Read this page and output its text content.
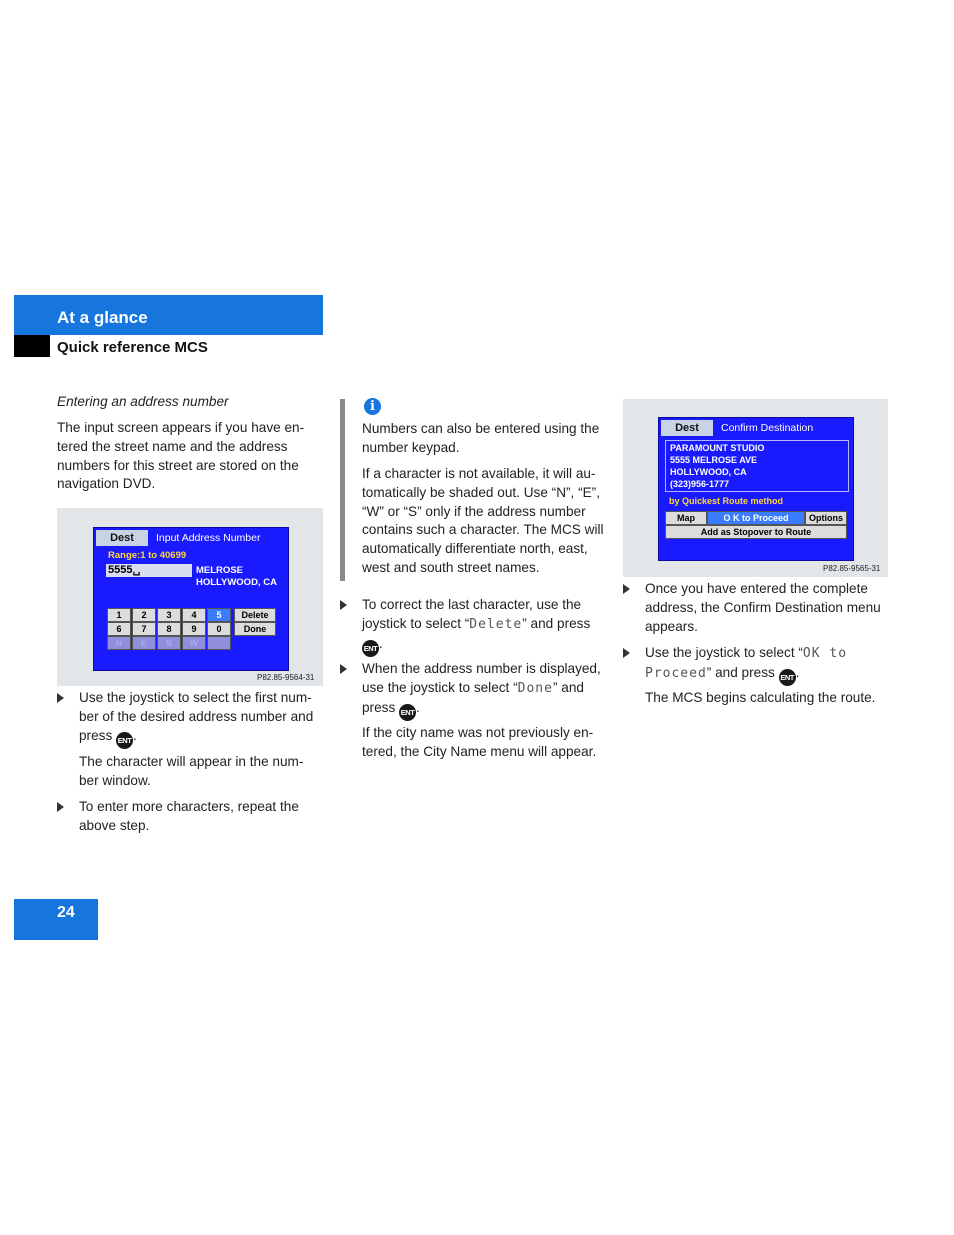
At a glance
Quick reference MCS
Entering an address number
The input screen appears if you have en-
tered the street name and the address
numbers for this street are stored on the
navigation DVD.
Dest	Input Address Number
Range:1 to 40699
5555␣	MELROSE
HOLLYWOOD, CA
1	2	3	4	5	Delete
6	7	8	9	0	Done
N	E	S	W
P82.85-9564-31
Use the joystick to select the first num-
ber of the desired address number and
press ENT .
The character will appear in the num-
ber window.
To enter more characters, repeat the
above step.
i
Numbers can also be entered using the
number keypad.
If a character is not available, it will au-
tomatically be shaded out. Use “N”, “E”,
“W” or “S” only if the address number
contains such a character. The MCS will
automatically differentiate north, east,
west and south street names.
To correct the last character, use the
joystick to select “Delete” and press
ENT .
When the address number is displayed,
use the joystick to select “Done” and
press ENT .
If the city name was not previously en-
tered, the City Name menu will appear.
Dest	Confirm Destination
PARAMOUNT STUDIO
5555 MELROSE AVE
HOLLYWOOD, CA
(323)956-1777
by Quickest Route method
Map	O K to Proceed	Options
Add as Stopover to Route
P82.85-9565-31
Once you have entered the complete
address, the Confirm Destination menu
appears.
Use the joystick to select “OK to
Proceed” and press ENT .
The MCS begins calculating the route.
24
